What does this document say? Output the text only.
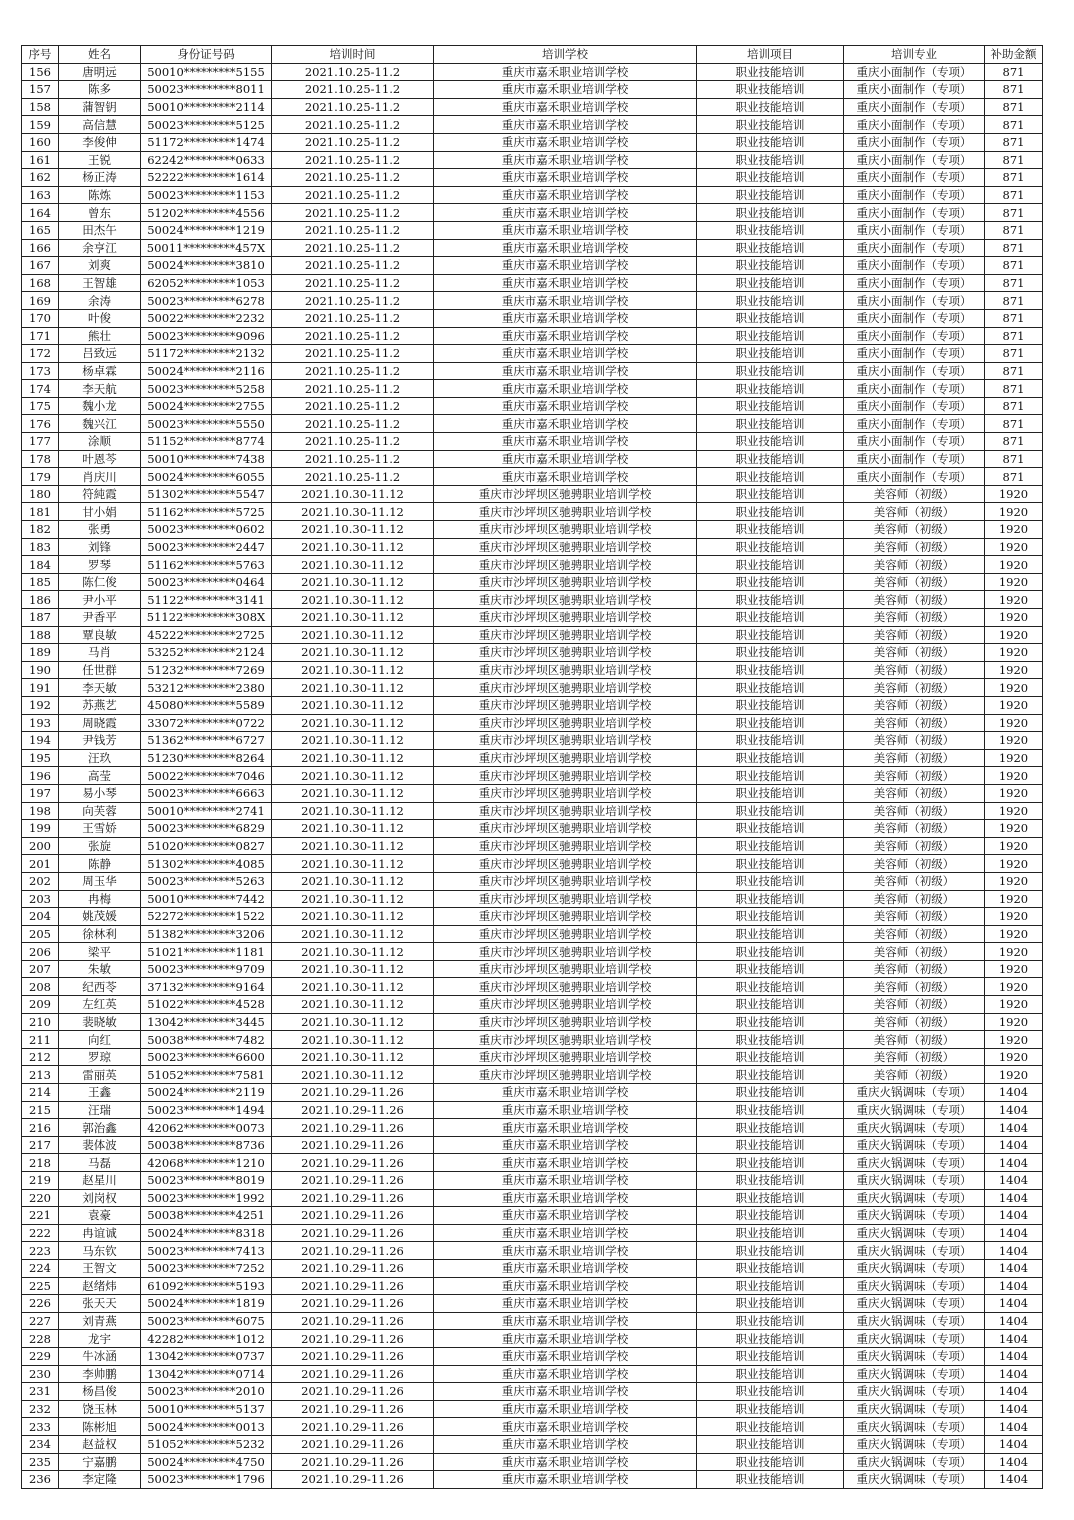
序号	姓名	身份证号码	培训时间	培训学校	培训项目	培训专业	补助金额
156	唐明远	50010*********5155	2021.10.25-11.2	重庆市嘉禾职业培训学校	职业技能培训	重庆小面制作（专项）	871
157	陈多	50023*********8011	2021.10.25-11.2	重庆市嘉禾职业培训学校	职业技能培训	重庆小面制作（专项）	871
158	蒲智钥	50010*********2114	2021.10.25-11.2	重庆市嘉禾职业培训学校	职业技能培训	重庆小面制作（专项）	871
159	高信慧	50023*********5125	2021.10.25-11.2	重庆市嘉禾职业培训学校	职业技能培训	重庆小面制作（专项）	871
160	李俊伸	51172*********1474	2021.10.25-11.2	重庆市嘉禾职业培训学校	职业技能培训	重庆小面制作（专项）	871
161	王锐	62242*********0633	2021.10.25-11.2	重庆市嘉禾职业培训学校	职业技能培训	重庆小面制作（专项）	871
162	杨正涛	52222*********1614	2021.10.25-11.2	重庆市嘉禾职业培训学校	职业技能培训	重庆小面制作（专项）	871
163	陈炼	50023*********1153	2021.10.25-11.2	重庆市嘉禾职业培训学校	职业技能培训	重庆小面制作（专项）	871
164	曾东	51202*********4556	2021.10.25-11.2	重庆市嘉禾职业培训学校	职业技能培训	重庆小面制作（专项）	871
165	田杰午	50024*********1219	2021.10.25-11.2	重庆市嘉禾职业培训学校	职业技能培训	重庆小面制作（专项）	871
166	余亨江	50011*********457X	2021.10.25-11.2	重庆市嘉禾职业培训学校	职业技能培训	重庆小面制作（专项）	871
167	刘爽	50024*********3810	2021.10.25-11.2	重庆市嘉禾职业培训学校	职业技能培训	重庆小面制作（专项）	871
168	王智雄	62052*********1053	2021.10.25-11.2	重庆市嘉禾职业培训学校	职业技能培训	重庆小面制作（专项）	871
169	余涛	50023*********6278	2021.10.25-11.2	重庆市嘉禾职业培训学校	职业技能培训	重庆小面制作（专项）	871
170	叶俊	50022*********2232	2021.10.25-11.2	重庆市嘉禾职业培训学校	职业技能培训	重庆小面制作（专项）	871
171	熊壮	50023*********9096	2021.10.25-11.2	重庆市嘉禾职业培训学校	职业技能培训	重庆小面制作（专项）	871
172	吕致远	51172*********2132	2021.10.25-11.2	重庆市嘉禾职业培训学校	职业技能培训	重庆小面制作（专项）	871
173	杨卓霖	50024*********2116	2021.10.25-11.2	重庆市嘉禾职业培训学校	职业技能培训	重庆小面制作（专项）	871
174	李天航	50023*********5258	2021.10.25-11.2	重庆市嘉禾职业培训学校	职业技能培训	重庆小面制作（专项）	871
175	魏小龙	50024*********2755	2021.10.25-11.2	重庆市嘉禾职业培训学校	职业技能培训	重庆小面制作（专项）	871
176	魏兴江	50023*********5550	2021.10.25-11.2	重庆市嘉禾职业培训学校	职业技能培训	重庆小面制作（专项）	871
177	涂顺	51152*********8774	2021.10.25-11.2	重庆市嘉禾职业培训学校	职业技能培训	重庆小面制作（专项）	871
178	叶恩芩	50010*********7438	2021.10.25-11.2	重庆市嘉禾职业培训学校	职业技能培训	重庆小面制作（专项）	871
179	肖庆川	50024*********6055	2021.10.25-11.2	重庆市嘉禾职业培训学校	职业技能培训	重庆小面制作（专项）	871
180	符純霞	51302*********5547	2021.10.30-11.12	重庆市沙坪坝区驰骋职业培训学校	职业技能培训	美容师（初级）	1920
181	甘小娟	51162*********5725	2021.10.30-11.12	重庆市沙坪坝区驰骋职业培训学校	职业技能培训	美容师（初级）	1920
182	张勇	50023*********0602	2021.10.30-11.12	重庆市沙坪坝区驰骋职业培训学校	职业技能培训	美容师（初级）	1920
183	刘锋	50023*********2447	2021.10.30-11.12	重庆市沙坪坝区驰骋职业培训学校	职业技能培训	美容师（初级）	1920
184	罗琴	51162*********5763	2021.10.30-11.12	重庆市沙坪坝区驰骋职业培训学校	职业技能培训	美容师（初级）	1920
185	陈仁俊	50023*********0464	2021.10.30-11.12	重庆市沙坪坝区驰骋职业培训学校	职业技能培训	美容师（初级）	1920
186	尹小平	51122*********3141	2021.10.30-11.12	重庆市沙坪坝区驰骋职业培训学校	职业技能培训	美容师（初级）	1920
187	尹香平	51122*********308X	2021.10.30-11.12	重庆市沙坪坝区驰骋职业培训学校	职业技能培训	美容师（初级）	1920
188	覃良敏	45222*********2725	2021.10.30-11.12	重庆市沙坪坝区驰骋职业培训学校	职业技能培训	美容师（初级）	1920
189	马肖	53252*********2124	2021.10.30-11.12	重庆市沙坪坝区驰骋职业培训学校	职业技能培训	美容师（初级）	1920
190	任世群	51232*********7269	2021.10.30-11.12	重庆市沙坪坝区驰骋职业培训学校	职业技能培训	美容师（初级）	1920
191	李天敏	53212*********2380	2021.10.30-11.12	重庆市沙坪坝区驰骋职业培训学校	职业技能培训	美容师（初级）	1920
192	苏燕艺	45080*********5589	2021.10.30-11.12	重庆市沙坪坝区驰骋职业培训学校	职业技能培训	美容师（初级）	1920
193	周晓霞	33072*********0722	2021.10.30-11.12	重庆市沙坪坝区驰骋职业培训学校	职业技能培训	美容师（初级）	1920
194	尹钱芳	51362*********6727	2021.10.30-11.12	重庆市沙坪坝区驰骋职业培训学校	职业技能培训	美容师（初级）	1920
195	汪玖	51230*********8264	2021.10.30-11.12	重庆市沙坪坝区驰骋职业培训学校	职业技能培训	美容师（初级）	1920
196	高莹	50022*********7046	2021.10.30-11.12	重庆市沙坪坝区驰骋职业培训学校	职业技能培训	美容师（初级）	1920
197	易小琴	50023*********6663	2021.10.30-11.12	重庆市沙坪坝区驰骋职业培训学校	职业技能培训	美容师（初级）	1920
198	向芙蓉	50010*********2741	2021.10.30-11.12	重庆市沙坪坝区驰骋职业培训学校	职业技能培训	美容师（初级）	1920
199	王雪娇	50023*********6829	2021.10.30-11.12	重庆市沙坪坝区驰骋职业培训学校	职业技能培训	美容师（初级）	1920
200	张旋	51020*********0827	2021.10.30-11.12	重庆市沙坪坝区驰骋职业培训学校	职业技能培训	美容师（初级）	1920
201	陈静	51302*********4085	2021.10.30-11.12	重庆市沙坪坝区驰骋职业培训学校	职业技能培训	美容师（初级）	1920
202	周玉华	50023*********5263	2021.10.30-11.12	重庆市沙坪坝区驰骋职业培训学校	职业技能培训	美容师（初级）	1920
203	冉梅	50010*********7442	2021.10.30-11.12	重庆市沙坪坝区驰骋职业培训学校	职业技能培训	美容师（初级）	1920
204	姚茂媛	52272*********1522	2021.10.30-11.12	重庆市沙坪坝区驰骋职业培训学校	职业技能培训	美容师（初级）	1920
205	徐林利	51382*********3206	2021.10.30-11.12	重庆市沙坪坝区驰骋职业培训学校	职业技能培训	美容师（初级）	1920
206	梁平	51021*********1181	2021.10.30-11.12	重庆市沙坪坝区驰骋职业培训学校	职业技能培训	美容师（初级）	1920
207	朱敏	50023*********9709	2021.10.30-11.12	重庆市沙坪坝区驰骋职业培训学校	职业技能培训	美容师（初级）	1920
208	纪西苓	37132*********9164	2021.10.30-11.12	重庆市沙坪坝区驰骋职业培训学校	职业技能培训	美容师（初级）	1920
209	左红英	51022*********4528	2021.10.30-11.12	重庆市沙坪坝区驰骋职业培训学校	职业技能培训	美容师（初级）	1920
210	裴晓敏	13042*********3445	2021.10.30-11.12	重庆市沙坪坝区驰骋职业培训学校	职业技能培训	美容师（初级）	1920
211	向红	50038*********7482	2021.10.30-11.12	重庆市沙坪坝区驰骋职业培训学校	职业技能培训	美容师（初级）	1920
212	罗琼	50023*********6600	2021.10.30-11.12	重庆市沙坪坝区驰骋职业培训学校	职业技能培训	美容师（初级）	1920
213	雷丽英	51052*********7581	2021.10.30-11.12	重庆市沙坪坝区驰骋职业培训学校	职业技能培训	美容师（初级）	1920
214	王鑫	50024*********2119	2021.10.29-11.26	重庆市嘉禾职业培训学校	职业技能培训	重庆火锅调味（专项）	1404
215	汪瑞	50023*********1494	2021.10.29-11.26	重庆市嘉禾职业培训学校	职业技能培训	重庆火锅调味（专项）	1404
216	郭治鑫	42062*********0073	2021.10.29-11.26	重庆市嘉禾职业培训学校	职业技能培训	重庆火锅调味（专项）	1404
217	裴体波	50038*********8736	2021.10.29-11.26	重庆市嘉禾职业培训学校	职业技能培训	重庆火锅调味（专项）	1404
218	马磊	42068*********1210	2021.10.29-11.26	重庆市嘉禾职业培训学校	职业技能培训	重庆火锅调味（专项）	1404
219	赵星川	50023*********8019	2021.10.29-11.26	重庆市嘉禾职业培训学校	职业技能培训	重庆火锅调味（专项）	1404
220	刘岗权	50023*********1992	2021.10.29-11.26	重庆市嘉禾职业培训学校	职业技能培训	重庆火锅调味（专项）	1404
221	袁豪	50038*********4251	2021.10.29-11.26	重庆市嘉禾职业培训学校	职业技能培训	重庆火锅调味（专项）	1404
222	冉谊诚	50024*********8318	2021.10.29-11.26	重庆市嘉禾职业培训学校	职业技能培训	重庆火锅调味（专项）	1404
223	马东钦	50023*********7413	2021.10.29-11.26	重庆市嘉禾职业培训学校	职业技能培训	重庆火锅调味（专项）	1404
224	王智文	50023*********7252	2021.10.29-11.26	重庆市嘉禾职业培训学校	职业技能培训	重庆火锅调味（专项）	1404
225	赵绪炜	61092*********5193	2021.10.29-11.26	重庆市嘉禾职业培训学校	职业技能培训	重庆火锅调味（专项）	1404
226	张天天	50024*********1819	2021.10.29-11.26	重庆市嘉禾职业培训学校	职业技能培训	重庆火锅调味（专项）	1404
227	刘青燕	50023*********6075	2021.10.29-11.26	重庆市嘉禾职业培训学校	职业技能培训	重庆火锅调味（专项）	1404
228	龙宇	42282*********1012	2021.10.29-11.26	重庆市嘉禾职业培训学校	职业技能培训	重庆火锅调味（专项）	1404
229	牛冰涵	13042*********0737	2021.10.29-11.26	重庆市嘉禾职业培训学校	职业技能培训	重庆火锅调味（专项）	1404
230	李帅鹏	13042*********0714	2021.10.29-11.26	重庆市嘉禾职业培训学校	职业技能培训	重庆火锅调味（专项）	1404
231	杨昌俊	50023*********2010	2021.10.29-11.26	重庆市嘉禾职业培训学校	职业技能培训	重庆火锅调味（专项）	1404
232	饶玉林	50010*********5137	2021.10.29-11.26	重庆市嘉禾职业培训学校	职业技能培训	重庆火锅调味（专项）	1404
233	陈彬旭	50024*********0013	2021.10.29-11.26	重庆市嘉禾职业培训学校	职业技能培训	重庆火锅调味（专项）	1404
234	赵益权	51052*********5232	2021.10.29-11.26	重庆市嘉禾职业培训学校	职业技能培训	重庆火锅调味（专项）	1404
235	宁嘉鹏	50024*********4750	2021.10.29-11.26	重庆市嘉禾职业培训学校	职业技能培训	重庆火锅调味（专项）	1404
236	李定隆	50023*********1796	2021.10.29-11.26	重庆市嘉禾职业培训学校	职业技能培训	重庆火锅调味（专项）	1404
